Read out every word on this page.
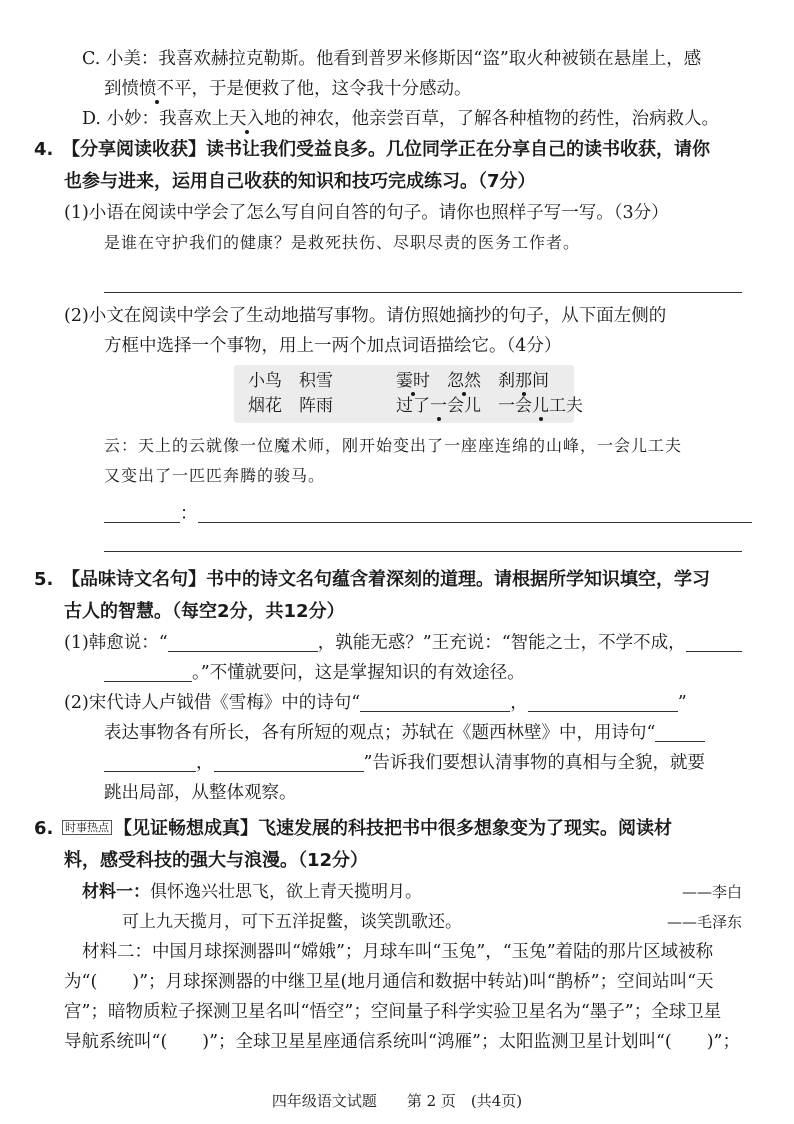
C. 小美：我喜欢赫拉克勒斯。他看到普罗米修斯因“盗”取火种被锁在悬崖上，感
到愤愤不平，于是便救了他，这令我十分感动。
D. 小妙：我喜欢上天入地的神农，他亲尝百草，了解各种植物的药性，治病救人。
4. 【分享阅读收获】读书让我们受益良多。几位同学正在分享自己的读书收获，请你
也参与进来，运用自己收获的知识和技巧完成练习。（7分）
(1)小语在阅读中学会了怎么写自问自答的句子。请你也照样子写一写。（3分）
是谁在守护我们的健康？是救死扶伤、尽职尽责的医务工作者。
(2)小文在阅读中学会了生动地描写事物。请仿照她摘抄的句子，从下面左侧的
方框中选择一个事物，用上一两个加点词语描绘它。（4分）
小鸟　积雪	霎时　 忽然　 刹那间
烟花　阵雨	过了一会儿　 一会儿工夫
云：天上的云就像一位魔术师，刚开始变出了一座座连绵的山峰，一会儿工夫
又变出了一匹匹奔腾的骏马。
：
5. 【品味诗文名句】书中的诗文名句蕴含着深刻的道理。请根据所学知识填空，学习
古人的智慧。（每空2分，共12分）
(1)韩愈说：“	，孰能无惑？”王充说：“智能之士，不学不成，
。”不懂就要问，这是掌握知识的有效途径。
(2)宋代诗人卢钺借《雪梅》中的诗句“	，	”
表达事物各有所长，各有所短的观点；苏轼在《题西林壁》中，用诗句“
，	”告诉我们要想认清事物的真相与全貌，就要
跳出局部，从整体观察。
6. 时事热点 【见证畅想成真】飞速发展的科技把书中很多想象变为了现实。阅读材
料，感受科技的强大与浪漫。（12分）
材料一：俱怀逸兴壮思飞，欲上青天揽明月。	——李白
可上九天揽月，可下五洋捉鳖，谈笑凯歌还。	——毛泽东
材料二：中国月球探测器叫“嫦娥”；月球车叫“玉兔”，“玉兔”着陆的那片区域被称
为“(　　)”；月球探测器的中继卫星(地月通信和数据中转站)叫“鹊桥”；空间站叫“天
宫”；暗物质粒子探测卫星名叫“悟空”；空间量子科学实验卫星名为“墨子”；全球卫星
导航系统叫“(　　)”；全球卫星星座通信系统叫“鸿雁”；太阳监测卫星计划叫“(　　)”；
四年级语文试题　　第 2 页　(共4页)
